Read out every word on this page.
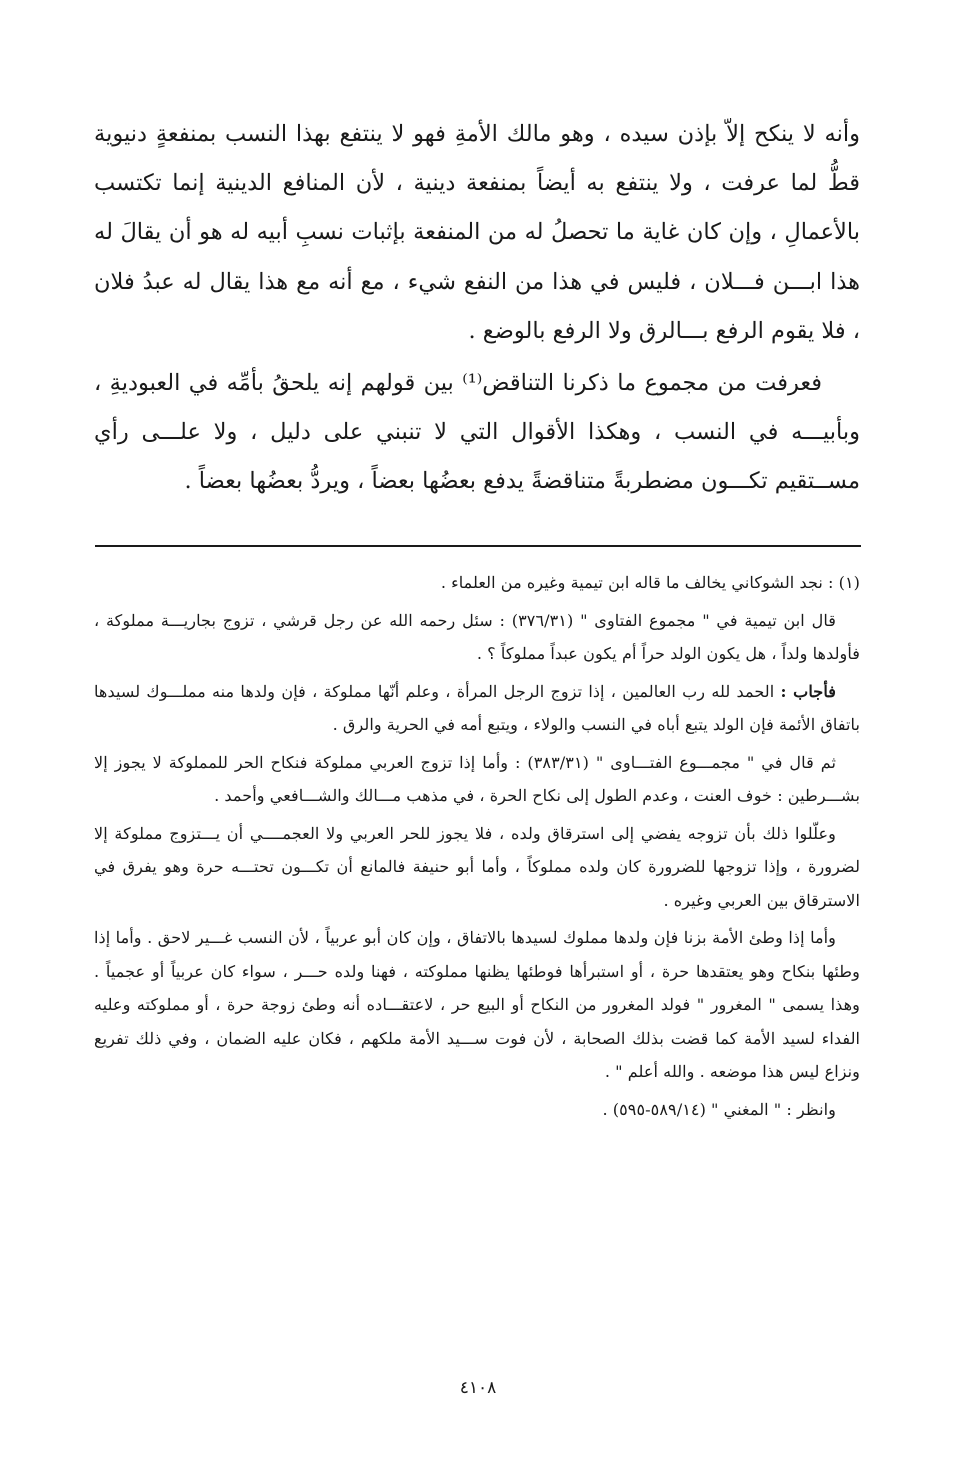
وأنه لا ينكح إلاّ بإذن سيده ، وهو مالك الأمةِ فهو لا ينتفع بهذا النسب بمنفعةٍ دنيوية قطُّ لما عرفت ، ولا ينتفع به أيضاً بمنفعة دينية ، لأن المنافع الدينية إنما تكتسب بالأعمالِ ، وإن كان غاية ما تحصلُ له من المنفعة بإثبات نسبِ أبيه له هو أن يقالَ له هذا ابـــن فـــلان ، فليس في هذا من النفع شيء ، مع أنه مع هذا يقال له عبدُ فلان ، فلا يقوم الرفع بـــالرق ولا الرفع بالوضع .

فعرفت من مجموع ما ذكرنا التناقض⁽¹⁾ بين قولهم إنه يلحقُ بأمِّه في العبوديةِ ، وبأبيـــه في النسب ، وهكذا الأقوال التي لا تنبني على دليل ، ولا علـــى رأي مســتقيم تكـــون مضطربةً متناقضةً يدفع بعضُها بعضاً ، ويردُّ بعضُها بعضاً .

(١) : نجد الشوكاني يخالف ما قاله ابن تيمية وغيره من العلماء .

قال ابن تيمية في " مجموع الفتاوى " (٣٧٦/٣١) : سئل رحمه الله عن رجل قرشي ، تزوج بجاريـــة مملوكة ، فأولدها ولداً ، هل يكون الولد حراً أم يكون عبداً مملوكاً ؟ .

فأجاب : الحمد لله رب العالمين ، إذا تزوج الرجل المرأة ، وعلم أنّها مملوكة ، فإن ولدها منه مملـــوك لسيدها باتفاق الأئمة فإن الولد يتبع أباه في النسب والولاء ، ويتبع أمه في الحرية والرق .

ثم قال في " مجمـــوع الفتـــاوى " (٣٨٣/٣١) : وأما إذا تزوج العربي مملوكة فنكاح الحر للمملوكة لا يجوز إلا بشـــرطين : خوف العنت ، وعدم الطول إلى نكاح الحرة ، في مذهب مـــالك والشـــافعي وأحمد .

وعلّلوا ذلك بأن تزوجه يفضي إلى استرقاق ولده ، فلا يجوز للحر العربي ولا العجمــــي أن يـــتزوج مملوكة إلا لضرورة ، وإذا تزوجها للضرورة كان ولده مملوكاً ، وأما أبو حنيفة فالمانع أن تكـــون تحتـــه حرة وهو يفرق في الاسترقاق بين العربي وغيره .

وأما إذا وطئ الأمة بزنا فإن ولدها مملوك لسيدها بالاتفاق ، وإن كان أبو عربياً ، لأن النسب غـــير لاحق . وأما إذا وطئها بنكاح وهو يعتقدها حرة ، أو استبرأها فوطئها يظنها مملوكته ، فهنا ولده حـــر ، سواء كان عربياً أو عجمياً . وهذا يسمى " المغرور " فولد المغرور من النكاح أو البيع حر ، لاعتقـــاده أنه وطئ زوجة حرة ، أو مملوكته وعليه الفداء لسيد الأمة كما قضت بذلك الصحابة ، لأن فوت ســـيد الأمة ملكهم ، فكان عليه الضمان ، وفي ذلك تفريع ونزاع ليس هذا موضعه . والله أعلم " .

وانظر : " المغني " (٥٨٩/١٤-٥٩٥) .

٤١٠٨
